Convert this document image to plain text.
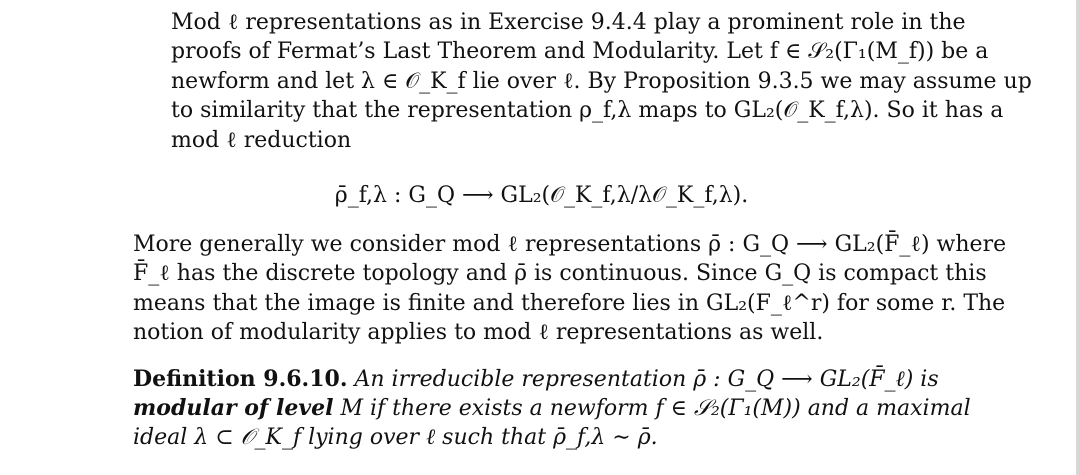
Mod ℓ representations as in Exercise 9.4.4 play a prominent role in the
proofs of Fermat’s Last Theorem and Modularity. Let f ∈ 𝒮₂(Γ₁(M_f)) be a
newform and let λ ∈ 𝒪_K_f lie over ℓ. By Proposition 9.3.5 we may assume up
to similarity that the representation ρ_f,λ maps to GL₂(𝒪_K_f,λ). So it has a
mod ℓ reduction

ρ̄_f,λ : G_Q ⟶ GL₂(𝒪_K_f,λ/λ𝒪_K_f,λ).

More generally we consider mod ℓ representations ρ̄ : G_Q ⟶ GL₂(F̄_ℓ) where
F̄_ℓ has the discrete topology and ρ̄ is continuous. Since G_Q is compact this
means that the image is finite and therefore lies in GL₂(F_ℓ^r) for some r. The
notion of modularity applies to mod ℓ representations as well.

Definition 9.6.10. An irreducible representation ρ̄ : G_Q ⟶ GL₂(F̄_ℓ) is
modular of level M if there exists a newform f ∈ 𝒮₂(Γ₁(M)) and a maximal
ideal λ ⊂ 𝒪_K_f lying over ℓ such that ρ̄_f,λ ∼ ρ̄.
